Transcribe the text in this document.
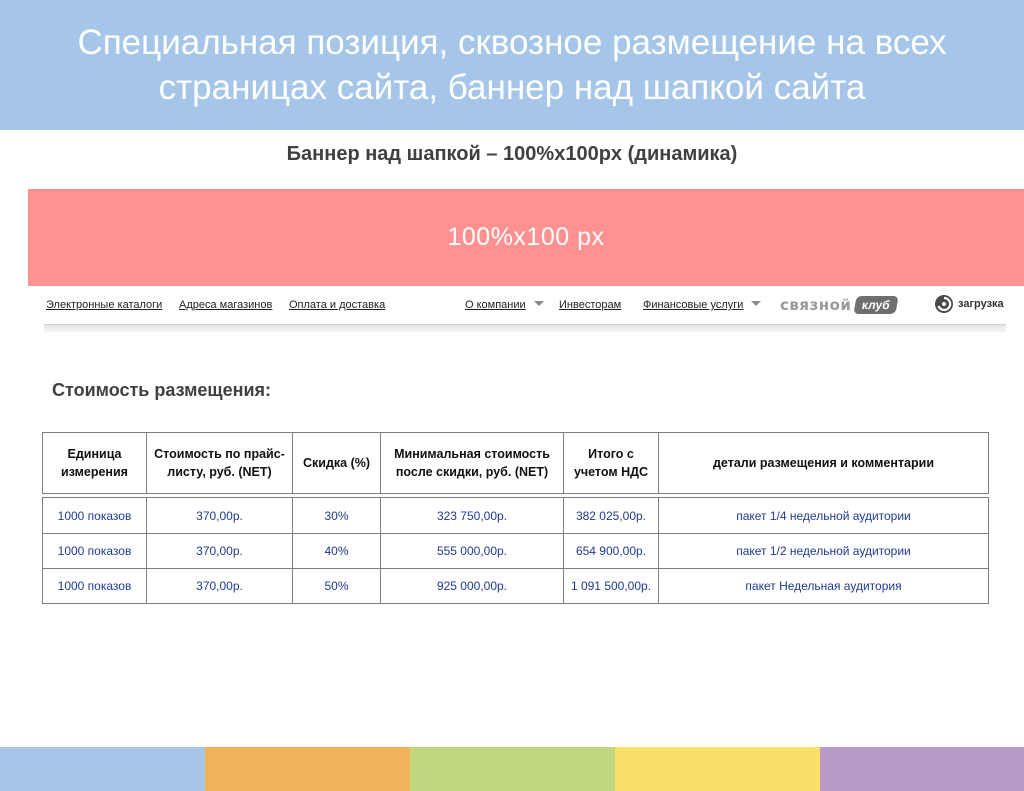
Специальная позиция, сквозное размещение на всех страницах сайта, баннер над шапкой сайта
Баннер над шапкой – 100%x100px (динамика)
100%x100 px
Электронные каталоги Адреса магазинов Оплата и доставка	О компании	Инвесторам Финансовые услуги	связной клуб	загрузка
Стоимость размещения:
Единица измерения	Стоимость по прайс-листу, руб. (NET)	Скидка (%)	Минимальная стоимость после скидки, руб. (NET)	Итого с учетом НДС	детали размещения и комментарии
1000 показов	370,00р.	30%	323 750,00р.	382 025,00р.	пакет 1/4 недельной аудитории
1000 показов	370,00р.	40%	555 000,00р.	654 900,00р.	пакет 1/2 недельной аудитории
1000 показов	370,00р.	50%	925 000,00р.	1 091 500,00р.	пакет Недельная аудитория
